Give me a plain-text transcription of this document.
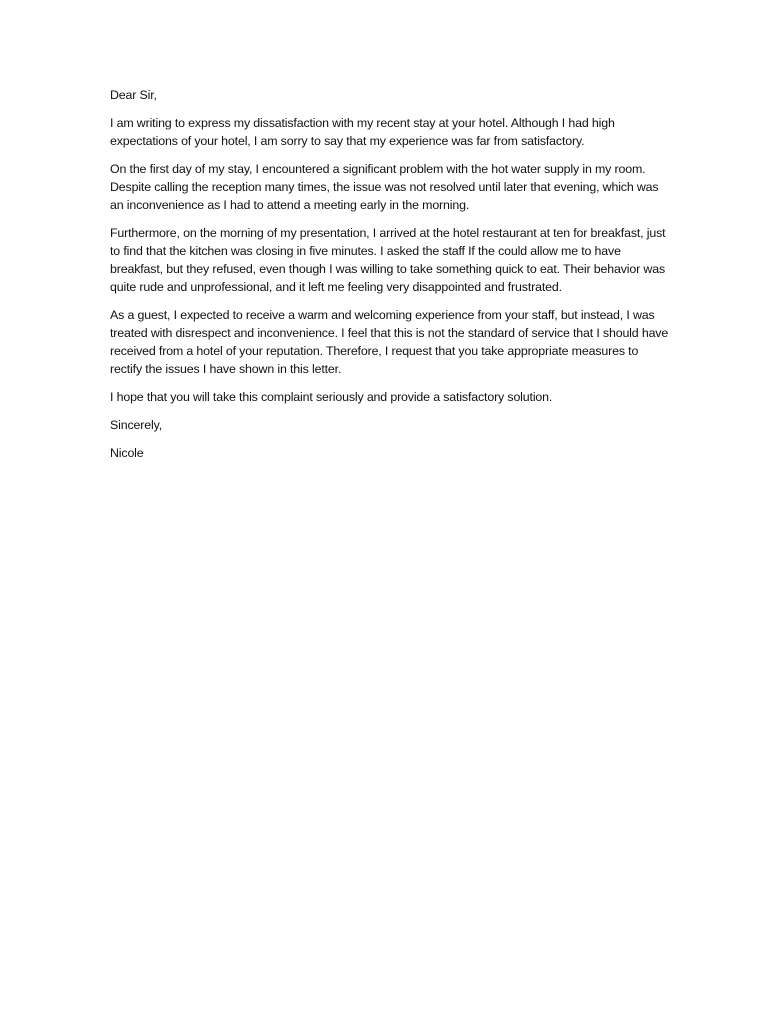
Dear Sir,

I am writing to express my dissatisfaction with my recent stay at your hotel. Although I had high expectations of your hotel, I am sorry to say that my experience was far from satisfactory.

On the first day of my stay, I encountered a significant problem with the hot water supply in my room. Despite calling the reception many times, the issue was not resolved until later that evening, which was an inconvenience as I had to attend a meeting early in the morning.

Furthermore, on the morning of my presentation, I arrived at the hotel restaurant at ten for breakfast, just to find that the kitchen was closing in five minutes. I asked the staff If the could allow me to have breakfast, but they refused, even though I was willing to take something quick to eat. Their behavior was quite rude and unprofessional, and it left me feeling very disappointed and frustrated.

As a guest, I expected to receive a warm and welcoming experience from your staff, but instead, I was treated with disrespect and inconvenience. I feel that this is not the standard of service that I should have received from a hotel of your reputation. Therefore, I request that you take appropriate measures to rectify the issues I have shown in this letter.

I hope that you will take this complaint seriously and provide a satisfactory solution.

Sincerely,

Nicole
